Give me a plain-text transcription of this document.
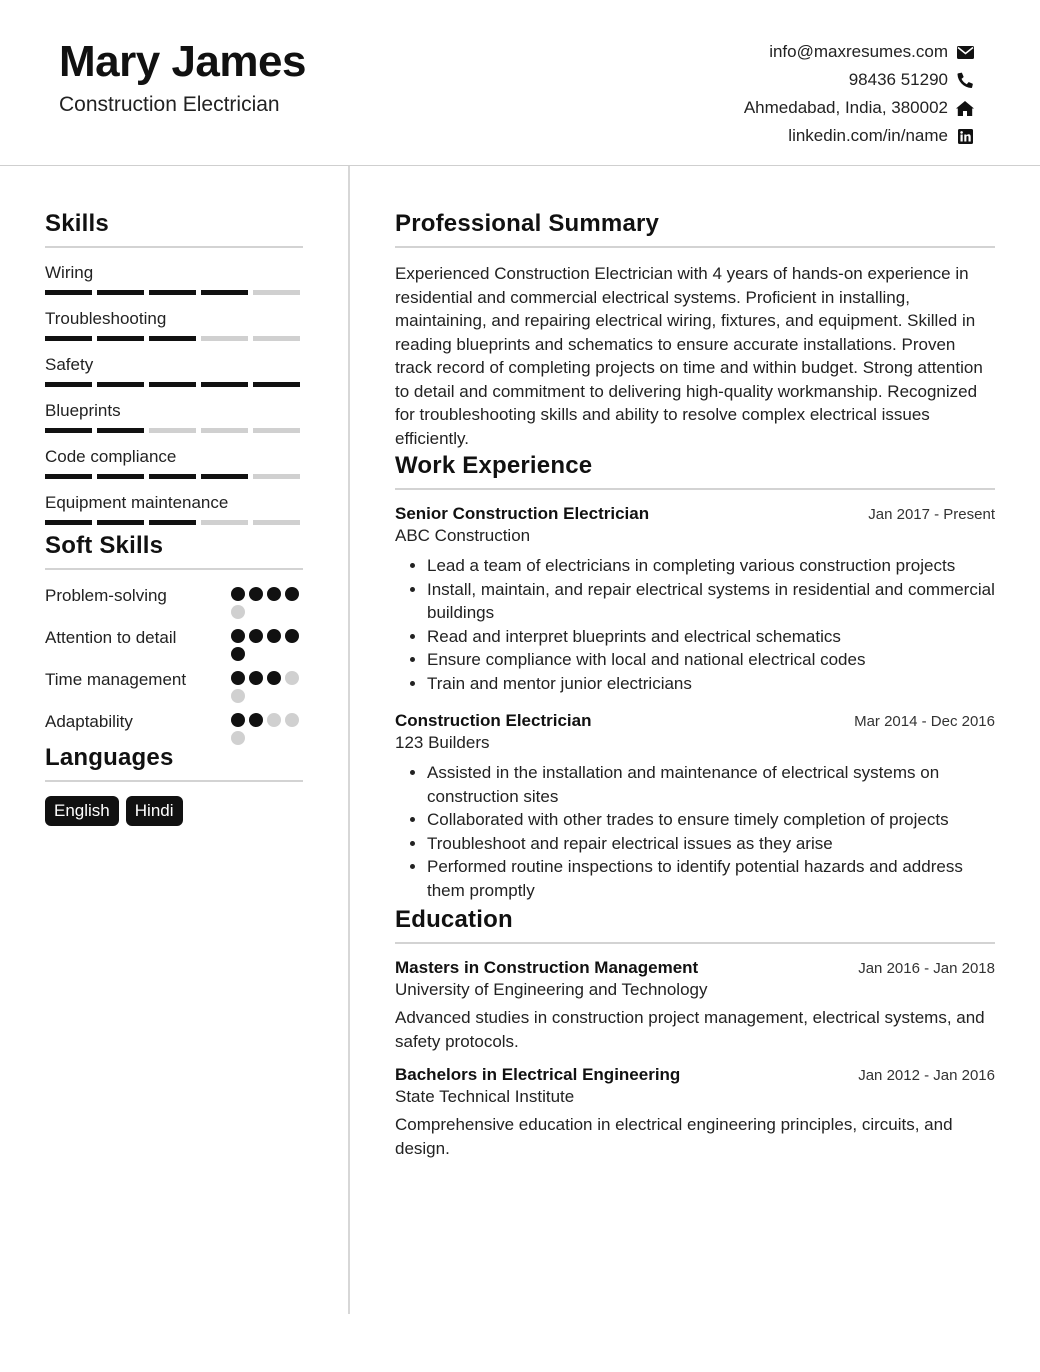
Mary James
Construction Electrician
info@maxresumes.com
98436 51290
Ahmedabad, India, 380002
linkedin.com/in/name
Skills
Wiring
Troubleshooting
Safety
Blueprints
Code compliance
Equipment maintenance
Soft Skills
Problem-solving
Attention to detail
Time management
Adaptability
Languages
English	Hindi
Professional Summary
Experienced Construction Electrician with 4 years of hands-on experience in residential and commercial electrical systems. Proficient in installing, maintaining, and repairing electrical wiring, fixtures, and equipment. Skilled in reading blueprints and schematics to ensure accurate installations. Proven track record of completing projects on time and within budget. Strong attention to detail and commitment to delivering high-quality workmanship. Recognized for troubleshooting skills and ability to resolve complex electrical issues efficiently.
Work Experience
Senior Construction Electrician	Jan 2017 - Present
ABC Construction
• Lead a team of electricians in completing various construction projects
• Install, maintain, and repair electrical systems in residential and commercial buildings
• Read and interpret blueprints and electrical schematics
• Ensure compliance with local and national electrical codes
• Train and mentor junior electricians
Construction Electrician	Mar 2014 - Dec 2016
123 Builders
• Assisted in the installation and maintenance of electrical systems on construction sites
• Collaborated with other trades to ensure timely completion of projects
• Troubleshoot and repair electrical issues as they arise
• Performed routine inspections to identify potential hazards and address them promptly
Education
Masters in Construction Management	Jan 2016 - Jan 2018
University of Engineering and Technology
Advanced studies in construction project management, electrical systems, and safety protocols.
Bachelors in Electrical Engineering	Jan 2012 - Jan 2016
State Technical Institute
Comprehensive education in electrical engineering principles, circuits, and design.
